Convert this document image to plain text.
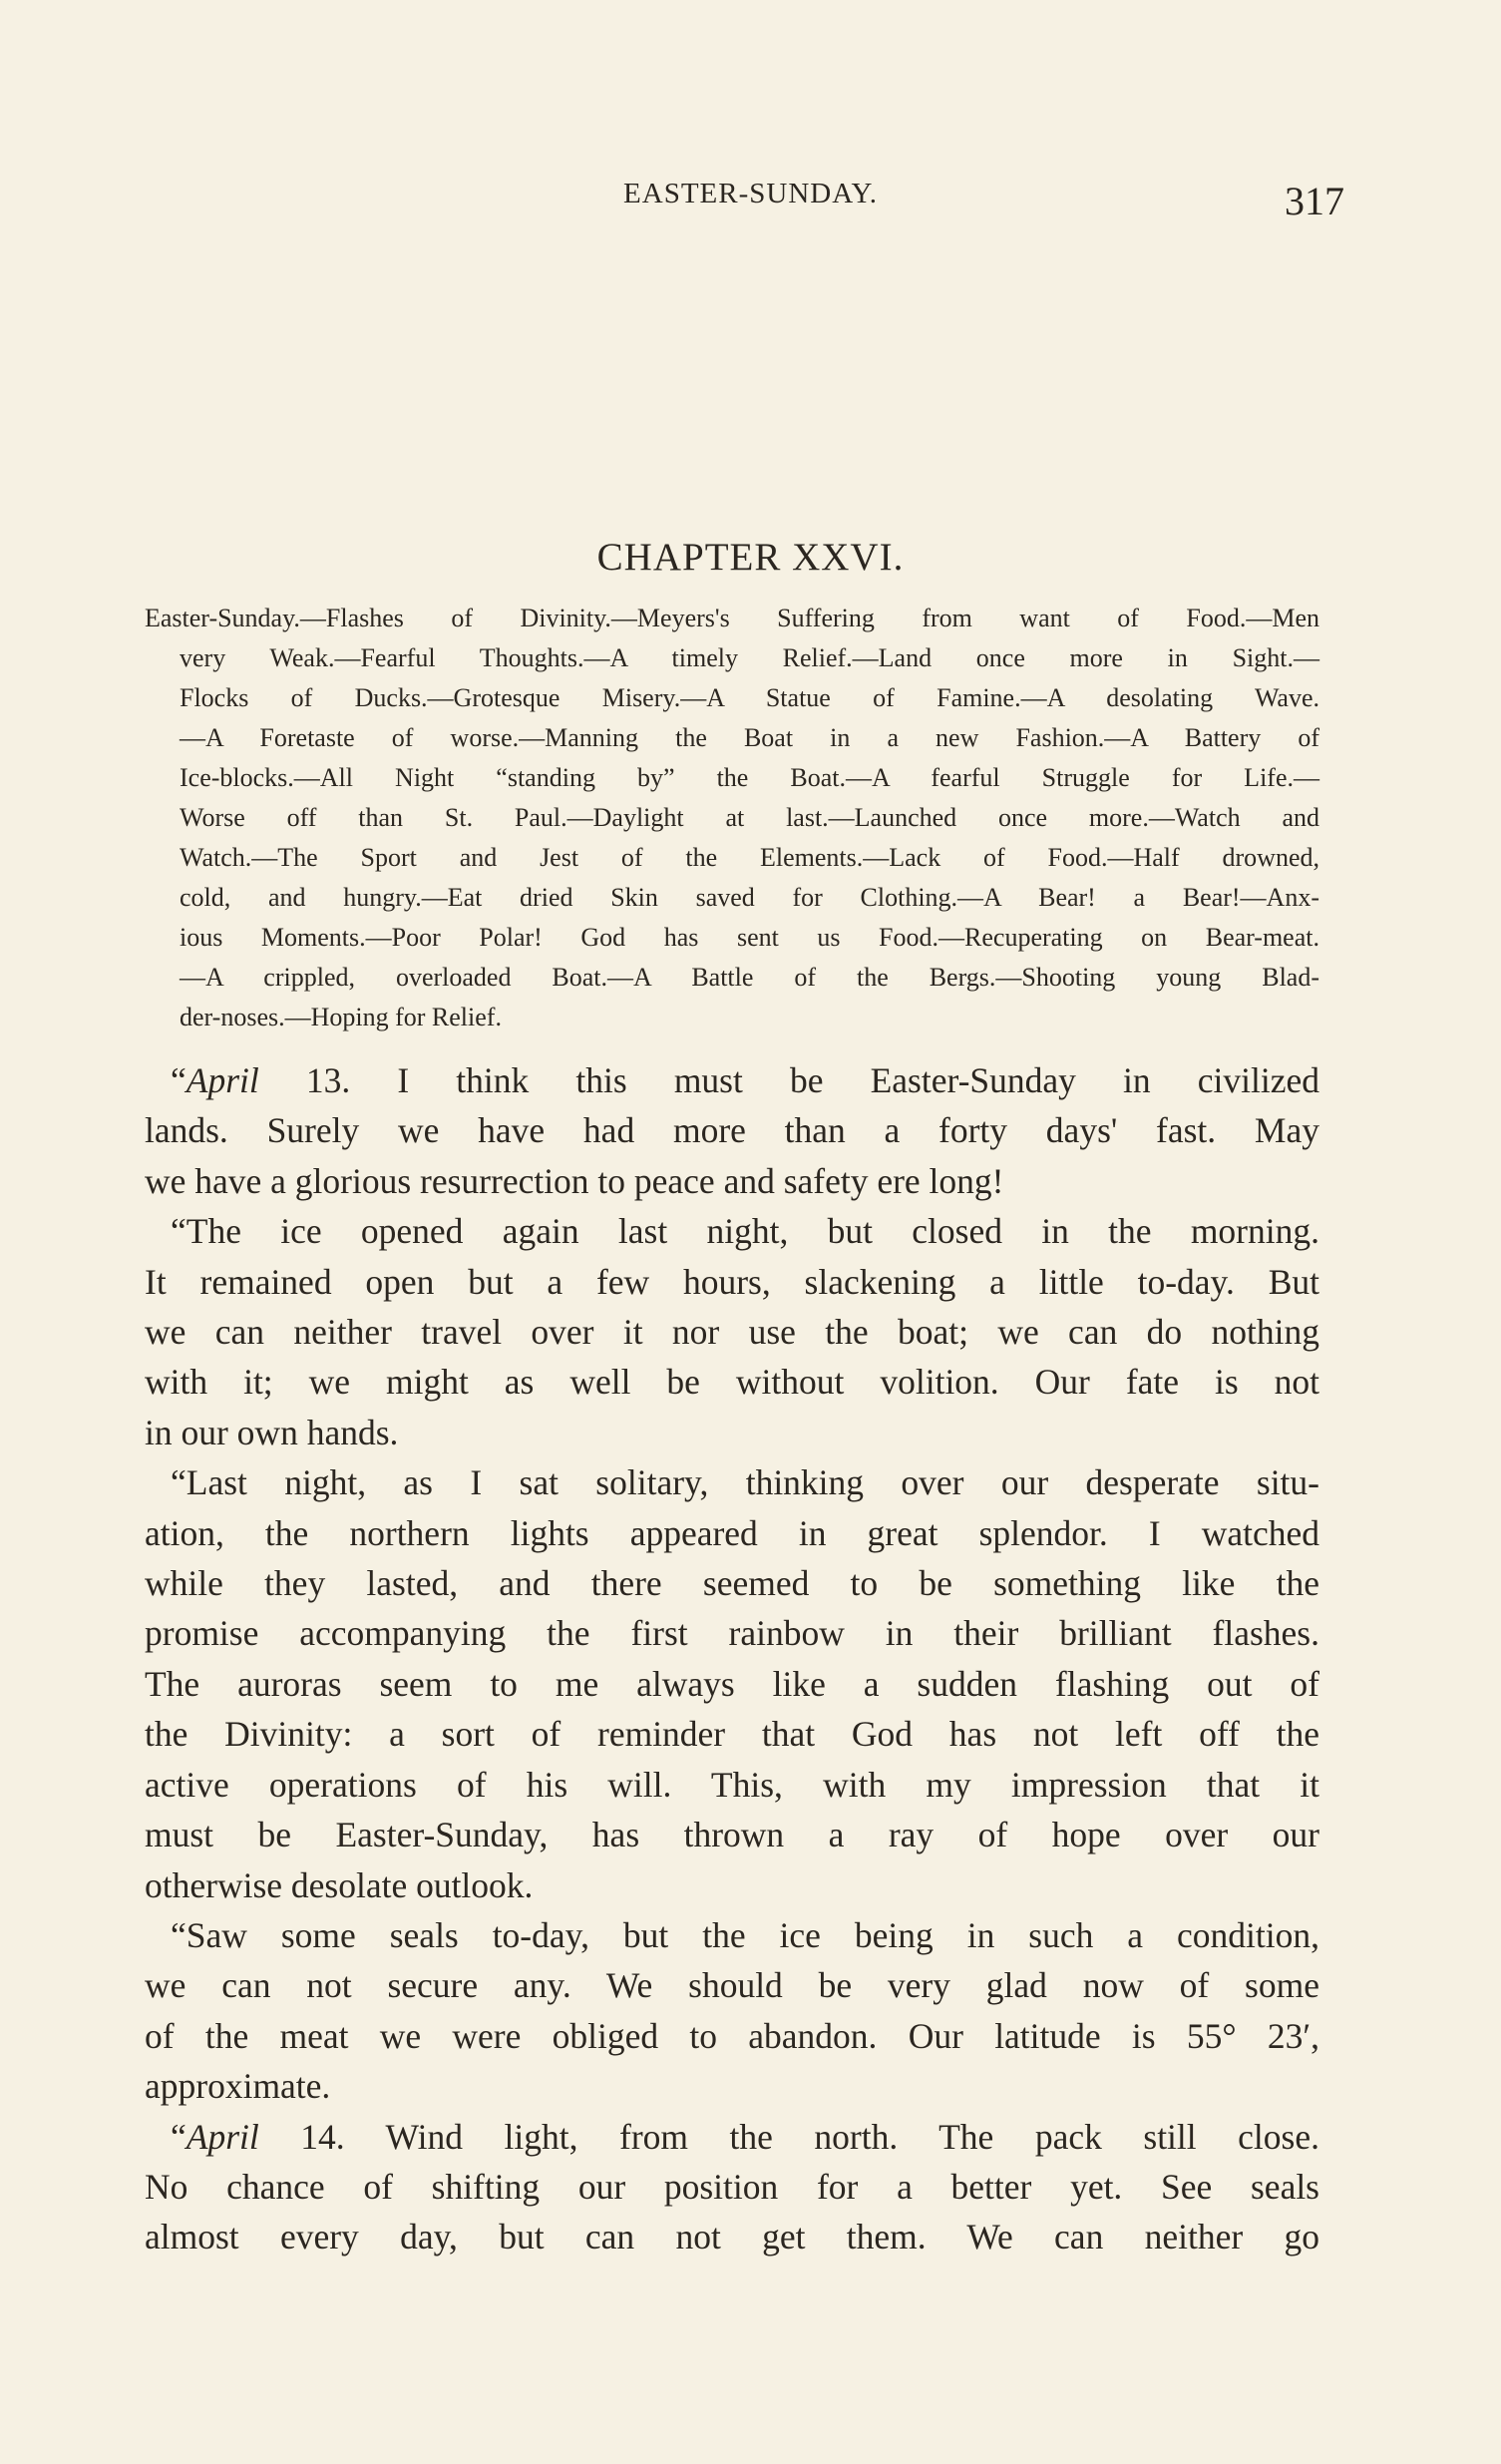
EASTER-SUNDAY.	317
CHAPTER XXVI.
Easter-Sunday.—Flashes of Divinity.—Meyers's Suffering from want of Food.—Men
very Weak.—Fearful Thoughts.—A timely Relief.—Land once more in Sight.—
Flocks of Ducks.—Grotesque Misery.—A Statue of Famine.—A desolating Wave.
—A Foretaste of worse.—Manning the Boat in a new Fashion.—A Battery of
Ice-blocks.—All Night “standing by” the Boat.—A fearful Struggle for Life.—
Worse off than St. Paul.—Daylight at last.—Launched once more.—Watch and
Watch.—The Sport and Jest of the Elements.—Lack of Food.—Half drowned,
cold, and hungry.—Eat dried Skin saved for Clothing.—A Bear! a Bear!—Anx-
ious Moments.—Poor Polar! God has sent us Food.—Recuperating on Bear-meat.
—A crippled, overloaded Boat.—A Battle of the Bergs.—Shooting young Blad-
der-noses.—Hoping for Relief.
“April 13. I think this must be Easter-Sunday in civilized
lands. Surely we have had more than a forty days' fast. May
we have a glorious resurrection to peace and safety ere long!
“The ice opened again last night, but closed in the morning.
It remained open but a few hours, slackening a little to-day. But
we can neither travel over it nor use the boat; we can do nothing
with it; we might as well be without volition. Our fate is not
in our own hands.
“Last night, as I sat solitary, thinking over our desperate situ-
ation, the northern lights appeared in great splendor. I watched
while they lasted, and there seemed to be something like the
promise accompanying the first rainbow in their brilliant flashes.
The auroras seem to me always like a sudden flashing out of
the Divinity: a sort of reminder that God has not left off the
active operations of his will. This, with my impression that it
must be Easter-Sunday, has thrown a ray of hope over our
otherwise desolate outlook.
“Saw some seals to-day, but the ice being in such a condition,
we can not secure any. We should be very glad now of some
of the meat we were obliged to abandon. Our latitude is 55° 23′,
approximate.
“April 14. Wind light, from the north. The pack still close.
No chance of shifting our position for a better yet. See seals
almost every day, but can not get them. We can neither go
